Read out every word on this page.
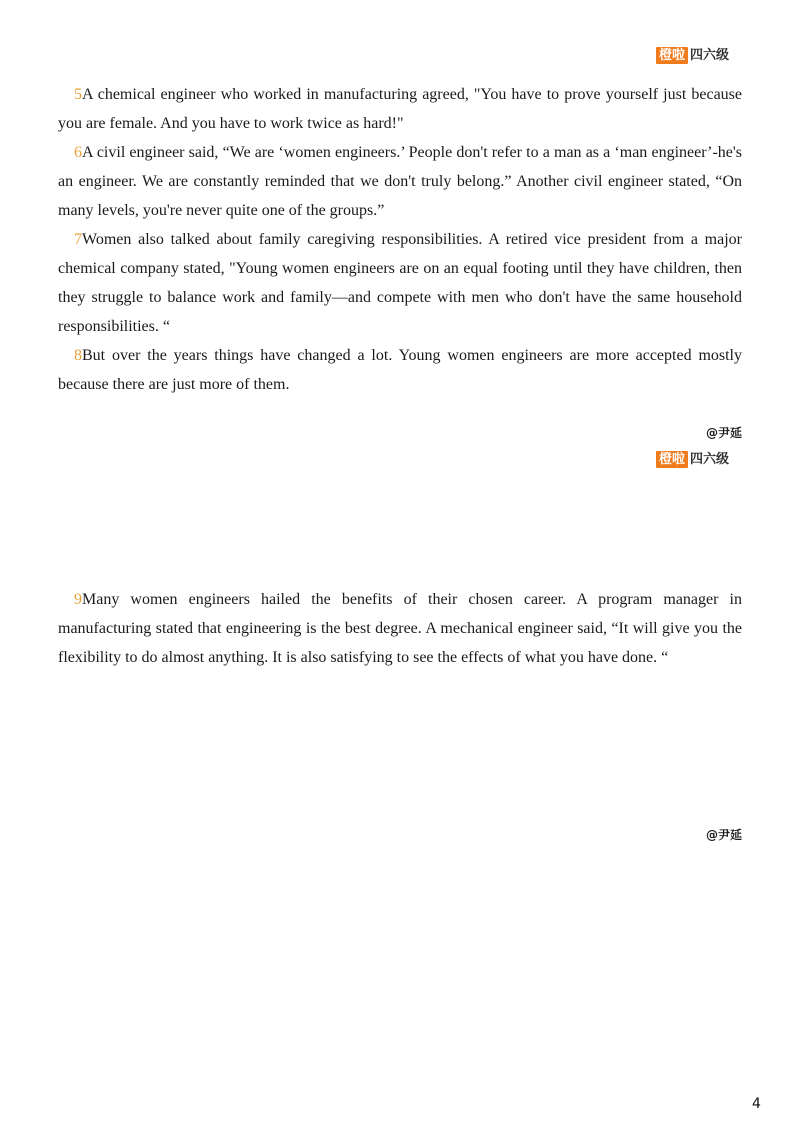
橙啦 四六级

5A chemical engineer who worked in manufacturing agreed, "You have to prove yourself just because you are female. And you have to work twice as hard!"

6A civil engineer said, “We are ‘women engineers.’ People don't refer to a man as a ‘man engineer’-he's an engineer. We are constantly reminded that we don't truly belong.” Another civil engineer stated, “On many levels, you're never quite one of the groups.”

7Women also talked about family caregiving responsibilities. A retired vice president from a major chemical company stated, "Young women engineers are on an equal footing until they have children, then they struggle to balance work and family—and compete with men who don't have the same household responsibilities. “

8But over the years things have changed a lot. Young women engineers are more accepted mostly because there are just more of them.

@尹延
橙啦 四六级

9Many women engineers hailed the benefits of their chosen career. A program manager in manufacturing stated that engineering is the best degree. A mechanical engineer said, “It will give you the flexibility to do almost anything. It is also satisfying to see the effects of what you have done. “

@尹延
4
